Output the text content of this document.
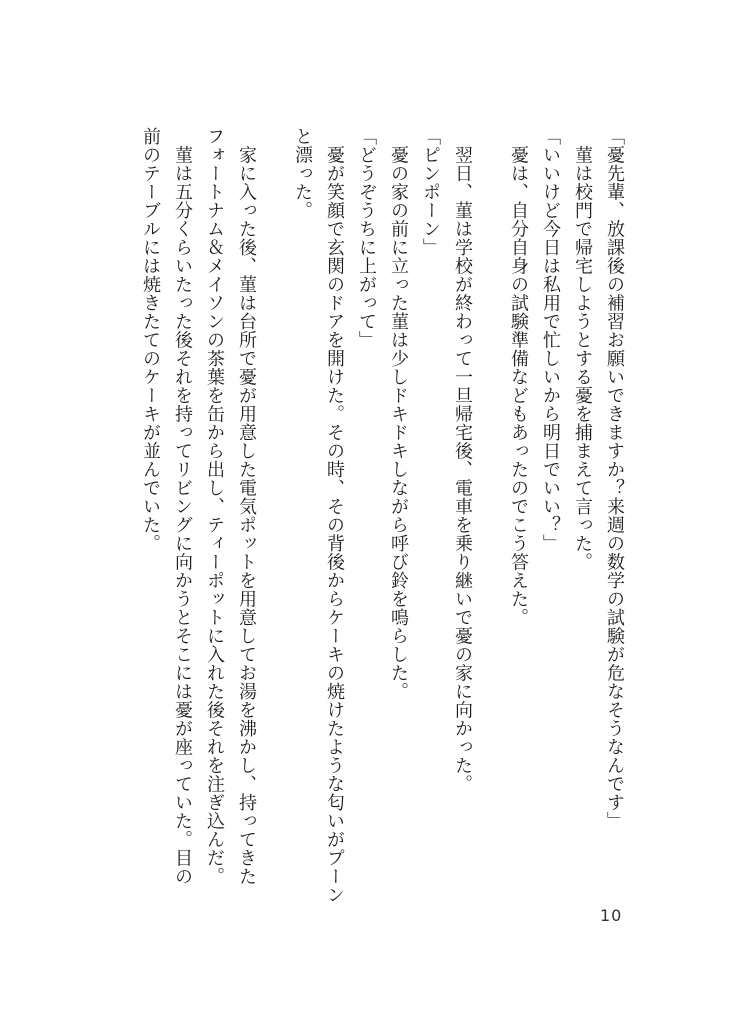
「憂先輩、放課後の補習お願いできますか？来週の数学の試験が危なそうなんです」
　菫は校門で帰宅しようとする憂を捕まえて言った。
「いいけど今日は私用で忙しいから明日でいい？」
　憂は、自分自身の試験準備などもあったのでこう答えた。
　翌日、菫は学校が終わって一旦帰宅後、電車を乗り継いで憂の家に向かった。
「ピンポーン」
　憂の家の前に立った菫は少しドキドキしながら呼び鈴を鳴らした。
「どうぞうちに上がって」
　憂が笑顔で玄関のドアを開けた。その時、その背後からケーキの焼けたような匂いがプーン
と漂った。
　家に入った後、菫は台所で憂が用意した電気ポットを用意してお湯を沸かし、持ってきた
フォートナム＆メイソンの茶葉を缶から出し、ティーポットに入れた後それを注ぎ込んだ。
　菫は五分くらいたった後それを持ってリビングに向かうとそこには憂が座っていた。目の
前のテーブルには焼きたてのケーキが並んでいた。
10
